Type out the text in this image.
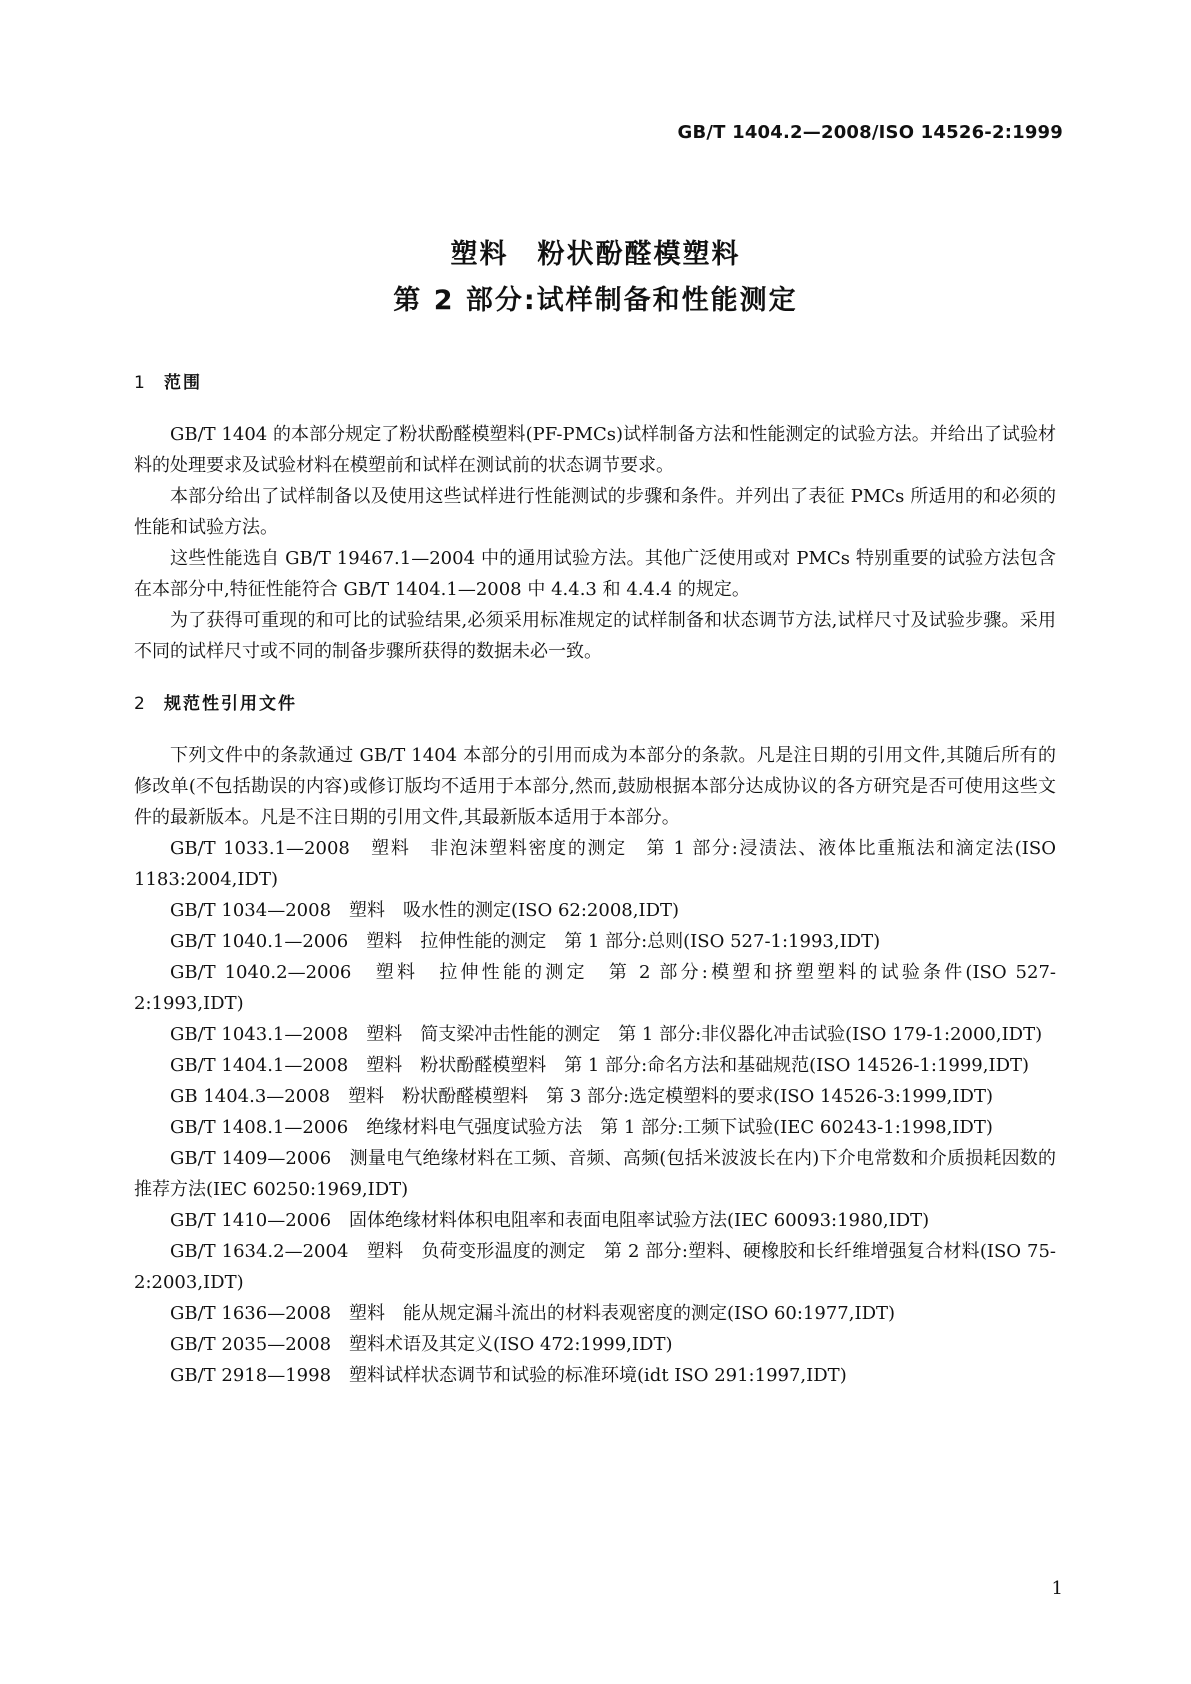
GB/T 1404.2—2008/ISO 14526-2:1999
塑料　粉状酚醛模塑料
第 2 部分:试样制备和性能测定
1 范围

GB/T 1404 的本部分规定了粉状酚醛模塑料(PF-PMCs)试样制备方法和性能测定的试验方法。并给出了试验材料的处理要求及试验材料在模塑前和试样在测试前的状态调节要求。

本部分给出了试样制备以及使用这些试样进行性能测试的步骤和条件。并列出了表征 PMCs 所适用的和必须的性能和试验方法。

这些性能选自 GB/T 19467.1—2004 中的通用试验方法。其他广泛使用或对 PMCs 特别重要的试验方法包含在本部分中,特征性能符合 GB/T 1404.1—2008 中 4.4.3 和 4.4.4 的规定。

为了获得可重现的和可比的试验结果,必须采用标准规定的试样制备和状态调节方法,试样尺寸及试验步骤。采用不同的试样尺寸或不同的制备步骤所获得的数据未必一致。

2 规范性引用文件

下列文件中的条款通过 GB/T 1404 本部分的引用而成为本部分的条款。凡是注日期的引用文件,其随后所有的修改单(不包括勘误的内容)或修订版均不适用于本部分,然而,鼓励根据本部分达成协议的各方研究是否可使用这些文件的最新版本。凡是不注日期的引用文件,其最新版本适用于本部分。

GB/T 1033.1—2008　塑料　非泡沫塑料密度的测定　第 1 部分:浸渍法、液体比重瓶法和滴定法(ISO 1183:2004,IDT)

GB/T 1034—2008　塑料　吸水性的测定(ISO 62:2008,IDT)

GB/T 1040.1—2006　塑料　拉伸性能的测定　第 1 部分:总则(ISO 527-1:1993,IDT)

GB/T 1040.2—2006　塑料　拉伸性能的测定　第 2 部分:模塑和挤塑塑料的试验条件(ISO 527-2:1993,IDT)

GB/T 1043.1—2008　塑料　简支梁冲击性能的测定　第 1 部分:非仪器化冲击试验(ISO 179-1:2000,IDT)

GB/T 1404.1—2008　塑料　粉状酚醛模塑料　第 1 部分:命名方法和基础规范(ISO 14526-1:1999,IDT)

GB 1404.3—2008　塑料　粉状酚醛模塑料　第 3 部分:选定模塑料的要求(ISO 14526-3:1999,IDT)

GB/T 1408.1—2006　绝缘材料电气强度试验方法　第 1 部分:工频下试验(IEC 60243-1:1998,IDT)

GB/T 1409—2006　测量电气绝缘材料在工频、音频、高频(包括米波波长在内)下介电常数和介质损耗因数的推荐方法(IEC 60250:1969,IDT)

GB/T 1410—2006　固体绝缘材料体积电阻率和表面电阻率试验方法(IEC 60093:1980,IDT)

GB/T 1634.2—2004　塑料　负荷变形温度的测定　第 2 部分:塑料、硬橡胶和长纤维增强复合材料(ISO 75-2:2003,IDT)

GB/T 1636—2008　塑料　能从规定漏斗流出的材料表观密度的测定(ISO 60:1977,IDT)

GB/T 2035—2008　塑料术语及其定义(ISO 472:1999,IDT)

GB/T 2918—1998　塑料试样状态调节和试验的标准环境(idt ISO 291:1997,IDT)

1
